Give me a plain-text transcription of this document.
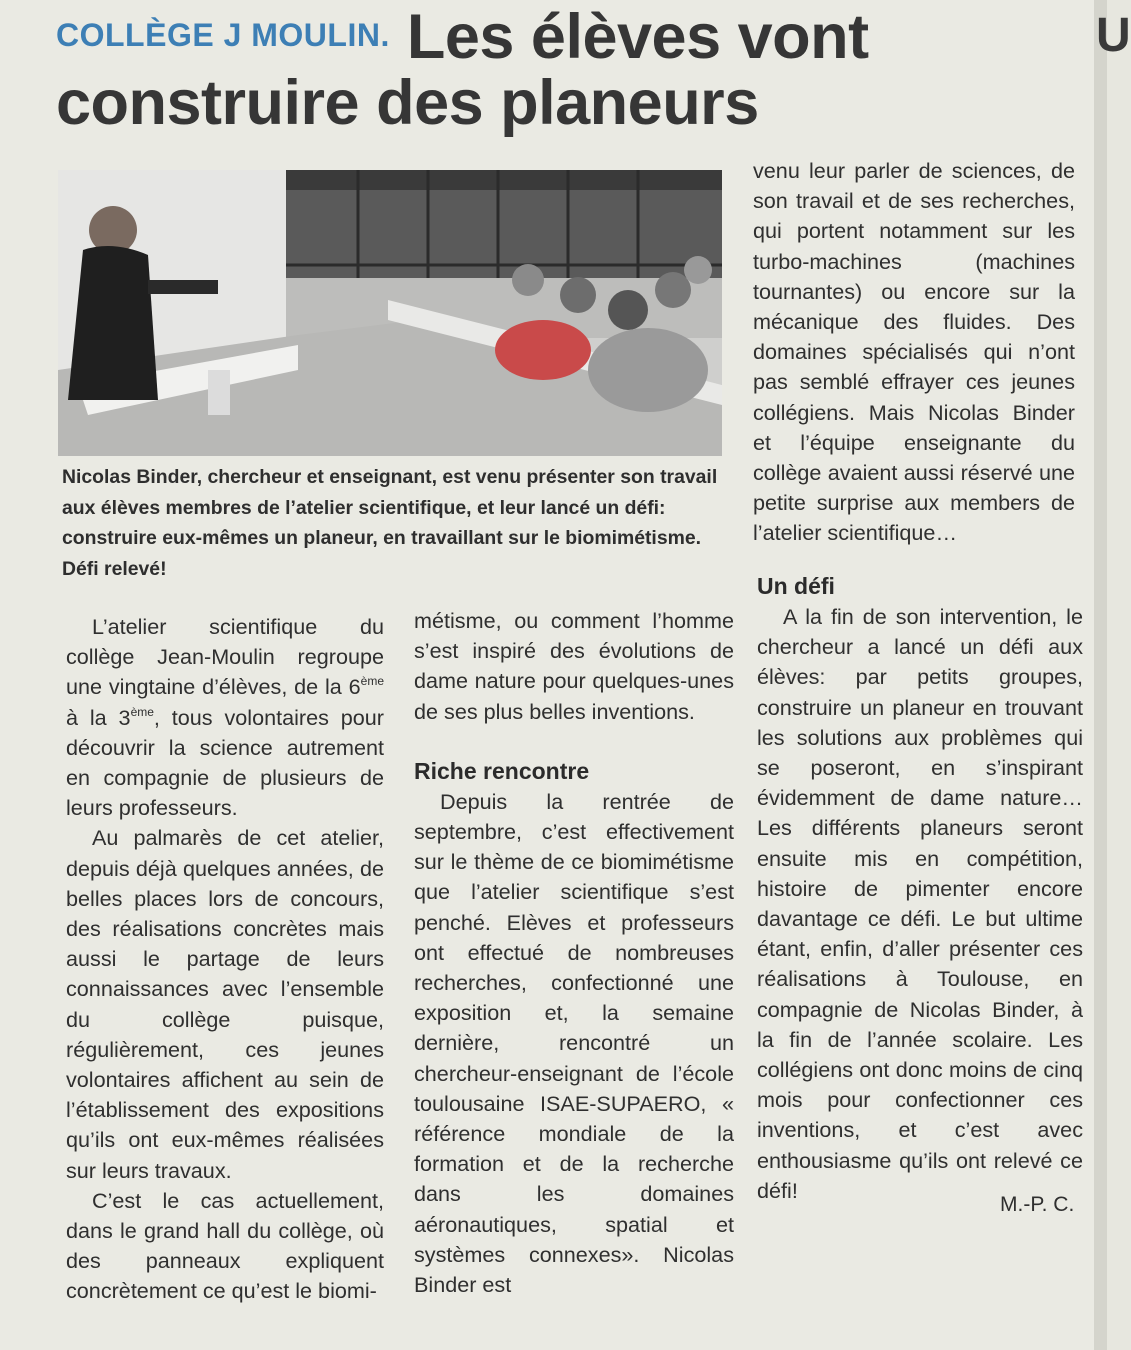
COLLÈGE J MOULIN. Les élèves vont construire des planeurs

Nicolas Binder, chercheur et enseignant, est venu présenter son travail aux élèves membres de l’atelier scientifique, et leur lancé un défi: construire eux-mêmes un planeur, en travaillant sur le biomimétisme. Défi relevé!

L’atelier scientifique du collège Jean-Moulin regroupe une vingtaine d’élèves, de la 6ème à la 3ème, tous volontaires pour découvrir la science autrement en compagnie de plusieurs de leurs professeurs.

Au palmarès de cet atelier, depuis déjà quelques années, de belles places lors de concours, des réalisations concrètes mais aussi le partage de leurs connaissances avec l’ensemble du collège puisque, régulièrement, ces jeunes volontaires affichent au sein de l’établissement des expositions qu’ils ont eux-mêmes réalisées sur leurs travaux.

C’est le cas actuellement, dans le grand hall du collège, où des panneaux expliquent concrètement ce qu’est le biomi-

métisme, ou comment l’homme s’est inspiré des évolutions de dame nature pour quelques-unes de ses plus belles inventions.

Riche rencontre

Depuis la rentrée de septembre, c’est effectivement sur le thème de ce biomimétisme que l’atelier scientifique s’est penché. Elèves et professeurs ont effectué de nombreuses recherches, confectionné une exposition et, la semaine dernière, rencontré un chercheur-enseignant de l’école toulousaine ISAE-SUPAERO, « référence mondiale de la formation et de la recherche dans les domaines aéronautiques, spatial et systèmes connexes». Nicolas Binder est

venu leur parler de sciences, de son travail et de ses recherches, qui portent notamment sur les turbo-machines (machines tournantes) ou encore sur la mécanique des fluides. Des domaines spécialisés qui n’ont pas semblé effrayer ces jeunes collégiens. Mais Nicolas Binder et l’équipe enseignante du collège avaient aussi réservé une petite surprise aux members de l’atelier scientifique…

Un défi

A la fin de son intervention, le chercheur a lancé un défi aux élèves: par petits groupes, construire un planeur en trouvant les solutions aux problèmes qui se poseront, en s’inspirant évidemment de dame nature… Les différents planeurs seront ensuite mis en compétition, histoire de pimenter encore davantage ce défi. Le but ultime étant, enfin, d’aller présenter ces réalisations à Toulouse, en compagnie de Nicolas Binder, à la fin de l’année scolaire. Les collégiens ont donc moins de cinq mois pour confectionner ces inventions, et c’est avec enthousiasme qu’ils ont relevé ce défi!

M.-P. C.
U
